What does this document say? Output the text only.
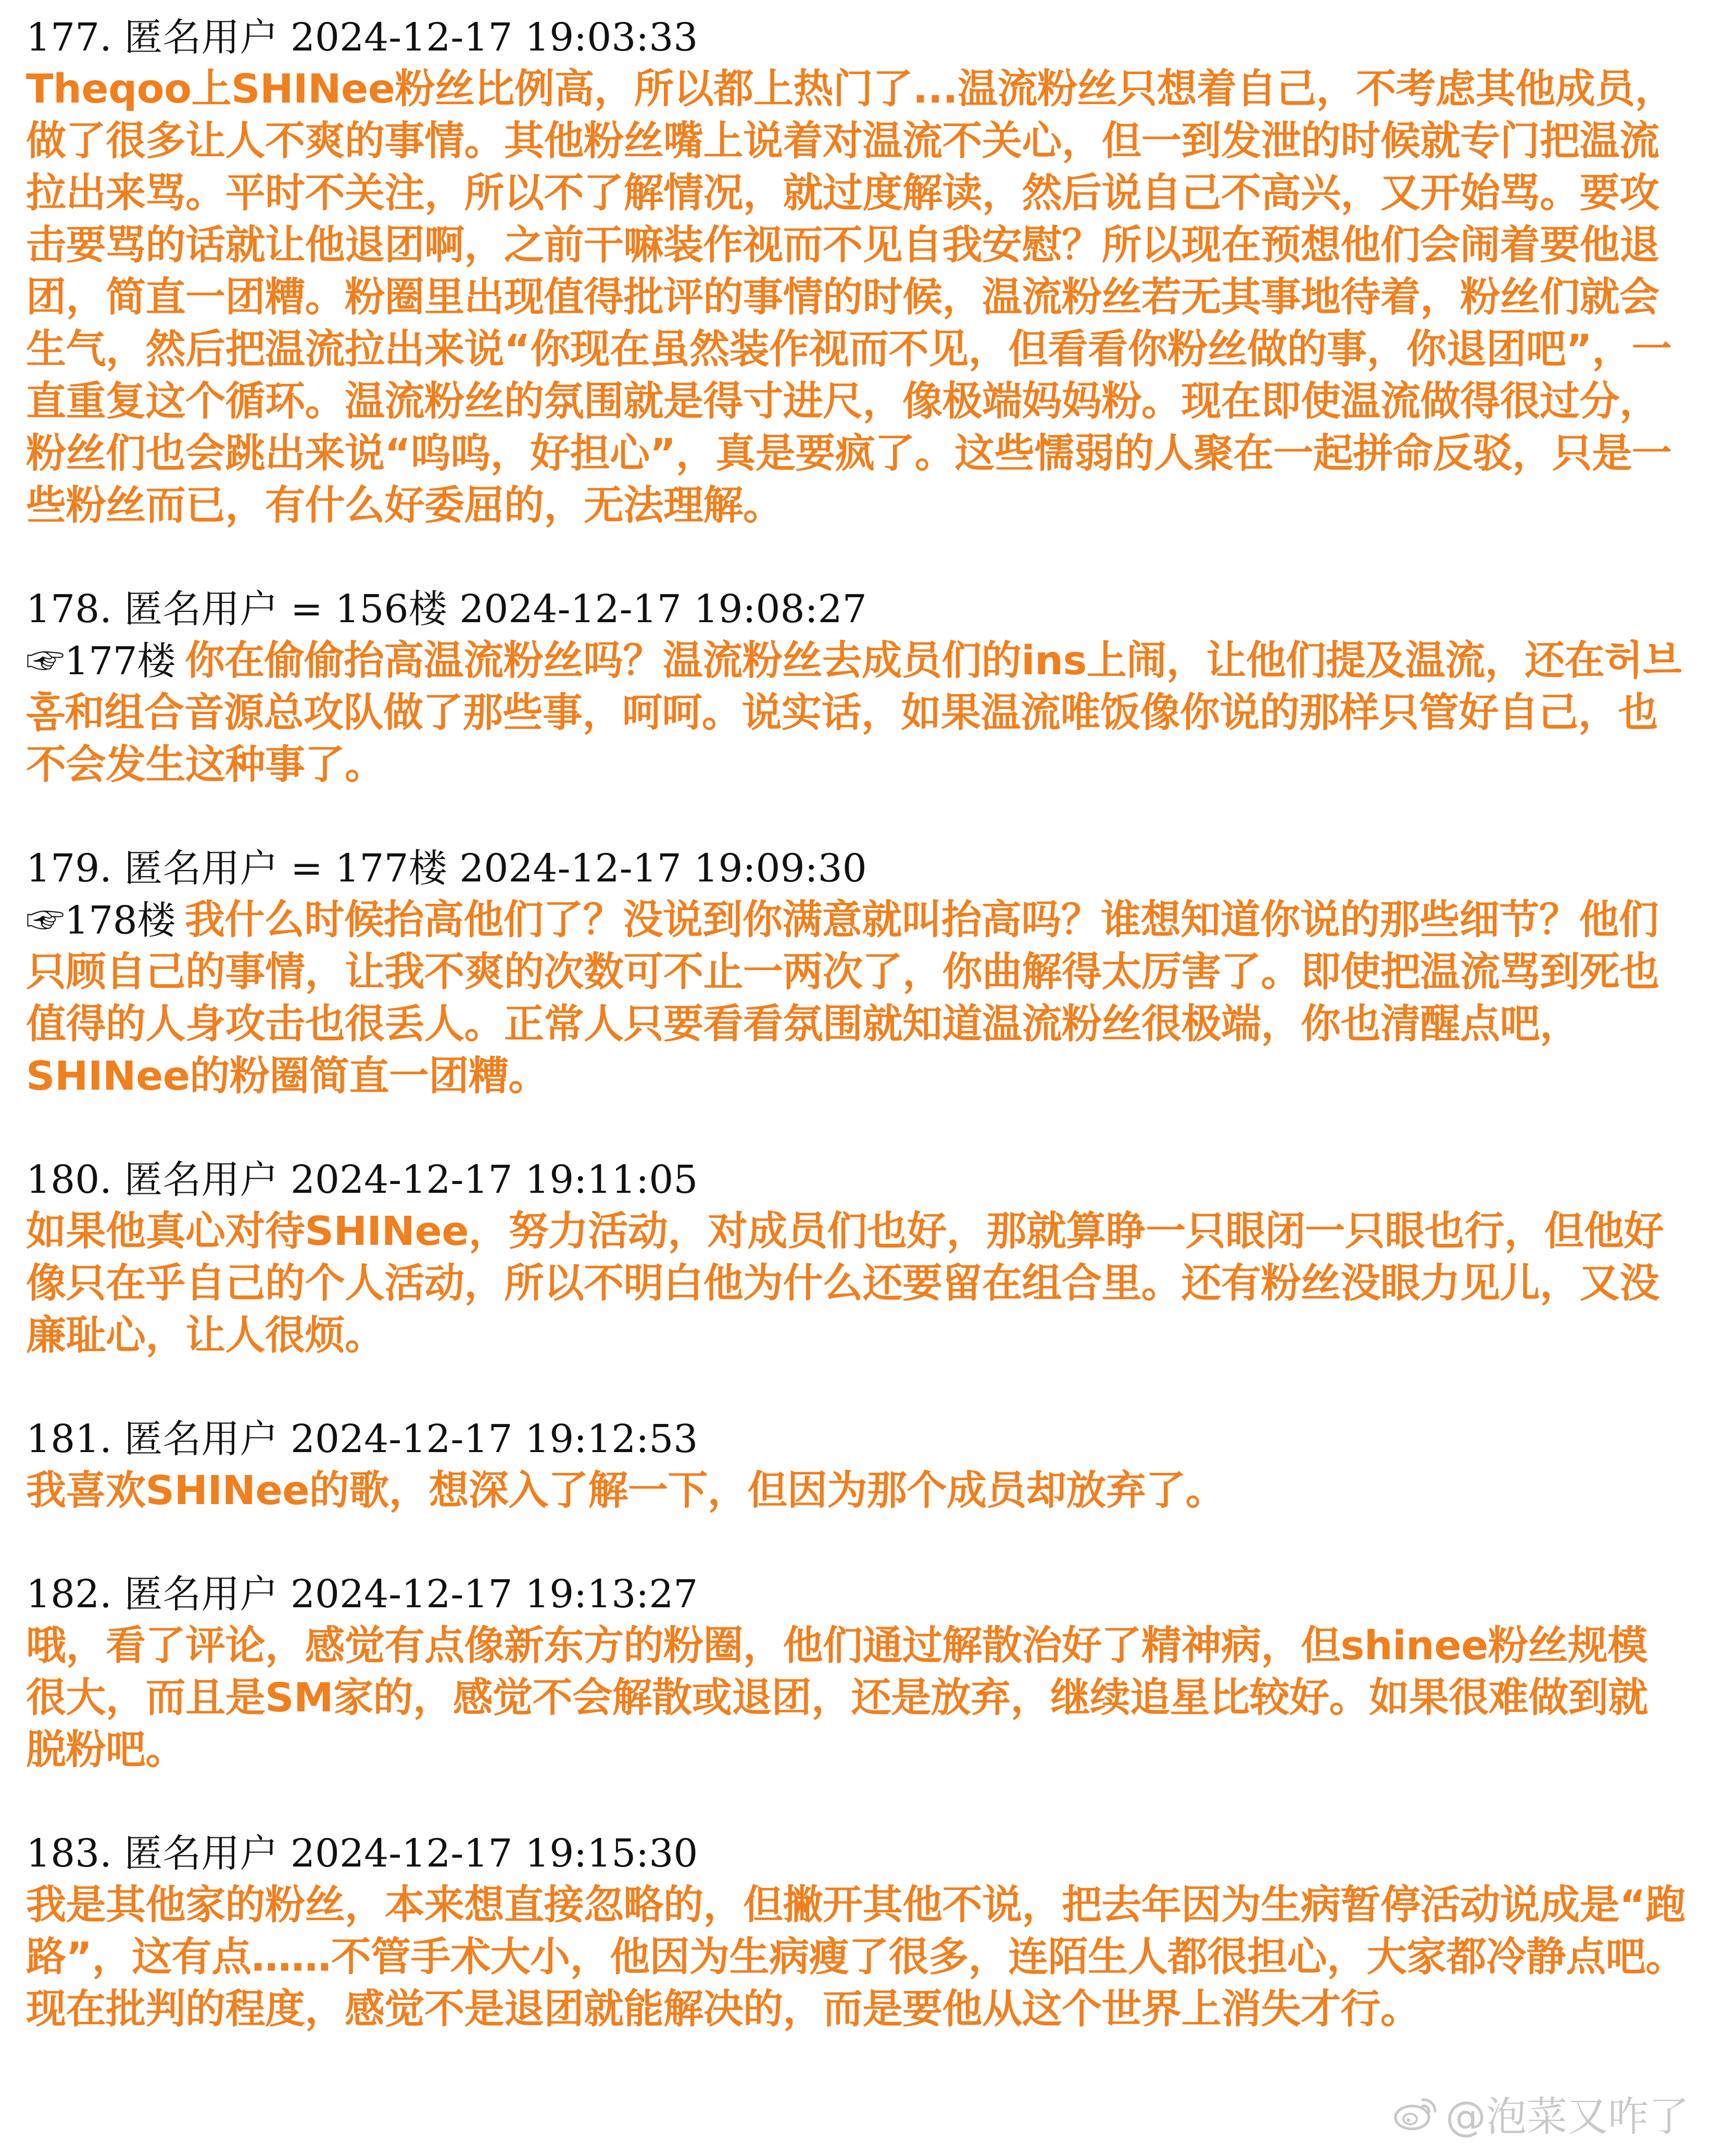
177. 匿名用户 2024-12-17 19:03:33
Theqoo上SHINee粉丝比例高，所以都上热门了...温流粉丝只想着自己，不考虑其他成员，做了很多让人不爽的事情。其他粉丝嘴上说着对温流不关心，但一到发泄的时候就专门把温流拉出来骂。平时不关注，所以不了解情况，就过度解读，然后说自己不高兴，又开始骂。要攻击要骂的话就让他退团啊，之前干嘛装作视而不见自我安慰？所以现在预想他们会闹着要他退团，简直一团糟。粉圈里出现值得批评的事情的时候，温流粉丝若无其事地待着，粉丝们就会生气，然后把温流拉出来说“你现在虽然装作视而不见，但看看你粉丝做的事，你退团吧”，一直重复这个循环。温流粉丝的氛围就是得寸进尺，像极端妈妈粉。现在即使温流做得很过分，粉丝们也会跳出来说“呜呜，好担心”，真是要疯了。这些懦弱的人聚在一起拼命反驳，只是一些粉丝而已，有什么好委屈的，无法理解。
178. 匿名用户 = 156楼 2024-12-17 19:08:27
☞177楼 你在偷偷抬高温流粉丝吗？温流粉丝去成员们的ins上闹，让他们提及温流，还在허브홈和组合音源总攻队做了那些事，呵呵。说实话，如果温流唯饭像你说的那样只管好自己，也不会发生这种事了。
179. 匿名用户 = 177楼 2024-12-17 19:09:30
☞178楼 我什么时候抬高他们了？没说到你满意就叫抬高吗？谁想知道你说的那些细节？他们只顾自己的事情，让我不爽的次数可不止一两次了，你曲解得太厉害了。即使把温流骂到死也值得的人身攻击也很丢人。正常人只要看看氛围就知道温流粉丝很极端，你也清醒点吧，SHINee的粉圈简直一团糟。
180. 匿名用户 2024-12-17 19:11:05
如果他真心对待SHINee，努力活动，对成员们也好，那就算睁一只眼闭一只眼也行，但他好像只在乎自己的个人活动，所以不明白他为什么还要留在组合里。还有粉丝没眼力见儿，又没廉耻心，让人很烦。
181. 匿名用户 2024-12-17 19:12:53
我喜欢SHINee的歌，想深入了解一下，但因为那个成员却放弃了。
182. 匿名用户 2024-12-17 19:13:27
哦，看了评论，感觉有点像新东方的粉圈，他们通过解散治好了精神病，但shinee粉丝规模很大，而且是SM家的，感觉不会解散或退团，还是放弃，继续追星比较好。如果很难做到就脱粉吧。
183. 匿名用户 2024-12-17 19:15:30
我是其他家的粉丝，本来想直接忽略的，但撇开其他不说，把去年因为生病暂停活动说成是“跑路”，这有点……不管手术大小，他因为生病瘦了很多，连陌生人都很担心，大家都冷静点吧。现在批判的程度，感觉不是退团就能解决的，而是要他从这个世界上消失才行。
@泡菜又咋了
